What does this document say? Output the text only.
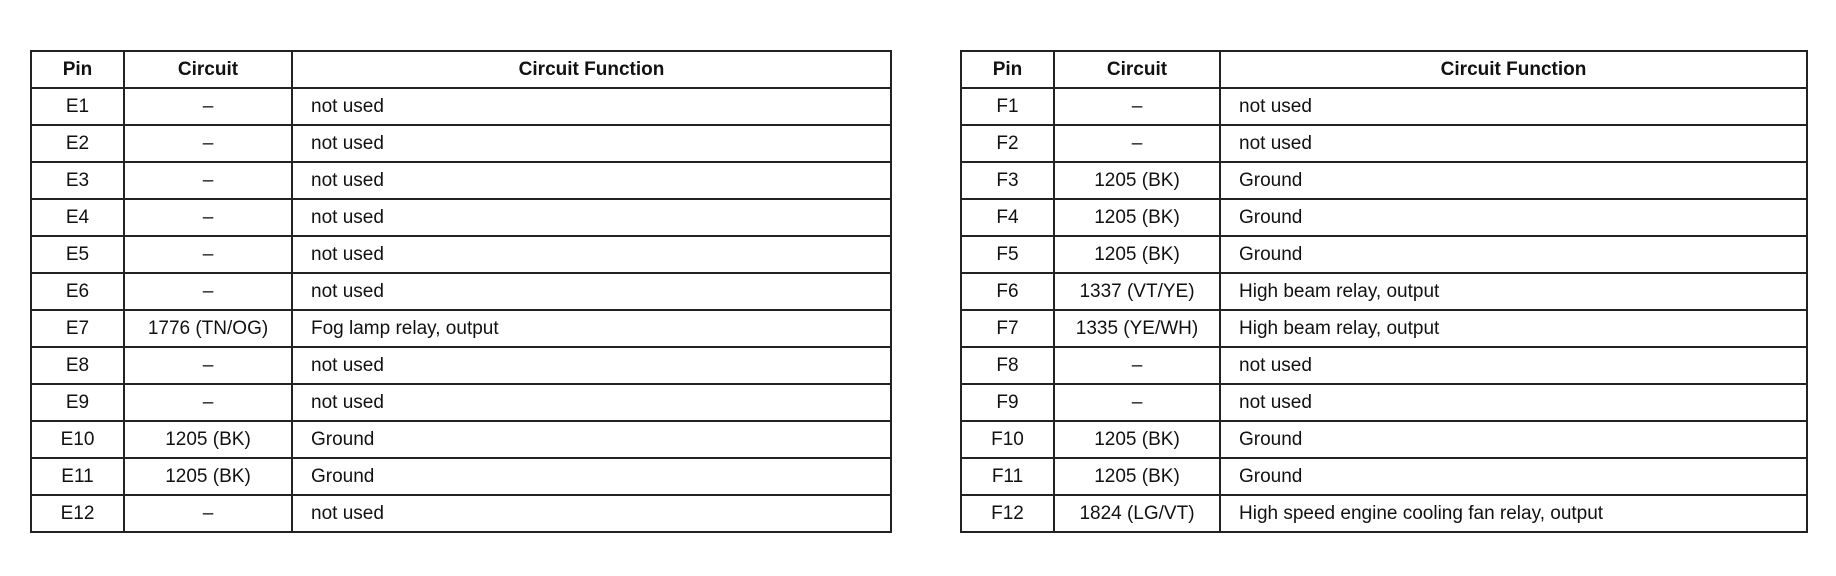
Pin	Circuit	Circuit Function
E1	–	not used
E2	–	not used
E3	–	not used
E4	–	not used
E5	–	not used
E6	–	not used
E7	1776 (TN/OG)	Fog lamp relay, output
E8	–	not used
E9	–	not used
E10	1205 (BK)	Ground
E11	1205 (BK)	Ground
E12	–	not used
Pin	Circuit	Circuit Function
F1	–	not used
F2	–	not used
F3	1205 (BK)	Ground
F4	1205 (BK)	Ground
F5	1205 (BK)	Ground
F6	1337 (VT/YE)	High beam relay, output
F7	1335 (YE/WH)	High beam relay, output
F8	–	not used
F9	–	not used
F10	1205 (BK)	Ground
F11	1205 (BK)	Ground
F12	1824 (LG/VT)	High speed engine cooling fan relay, output
